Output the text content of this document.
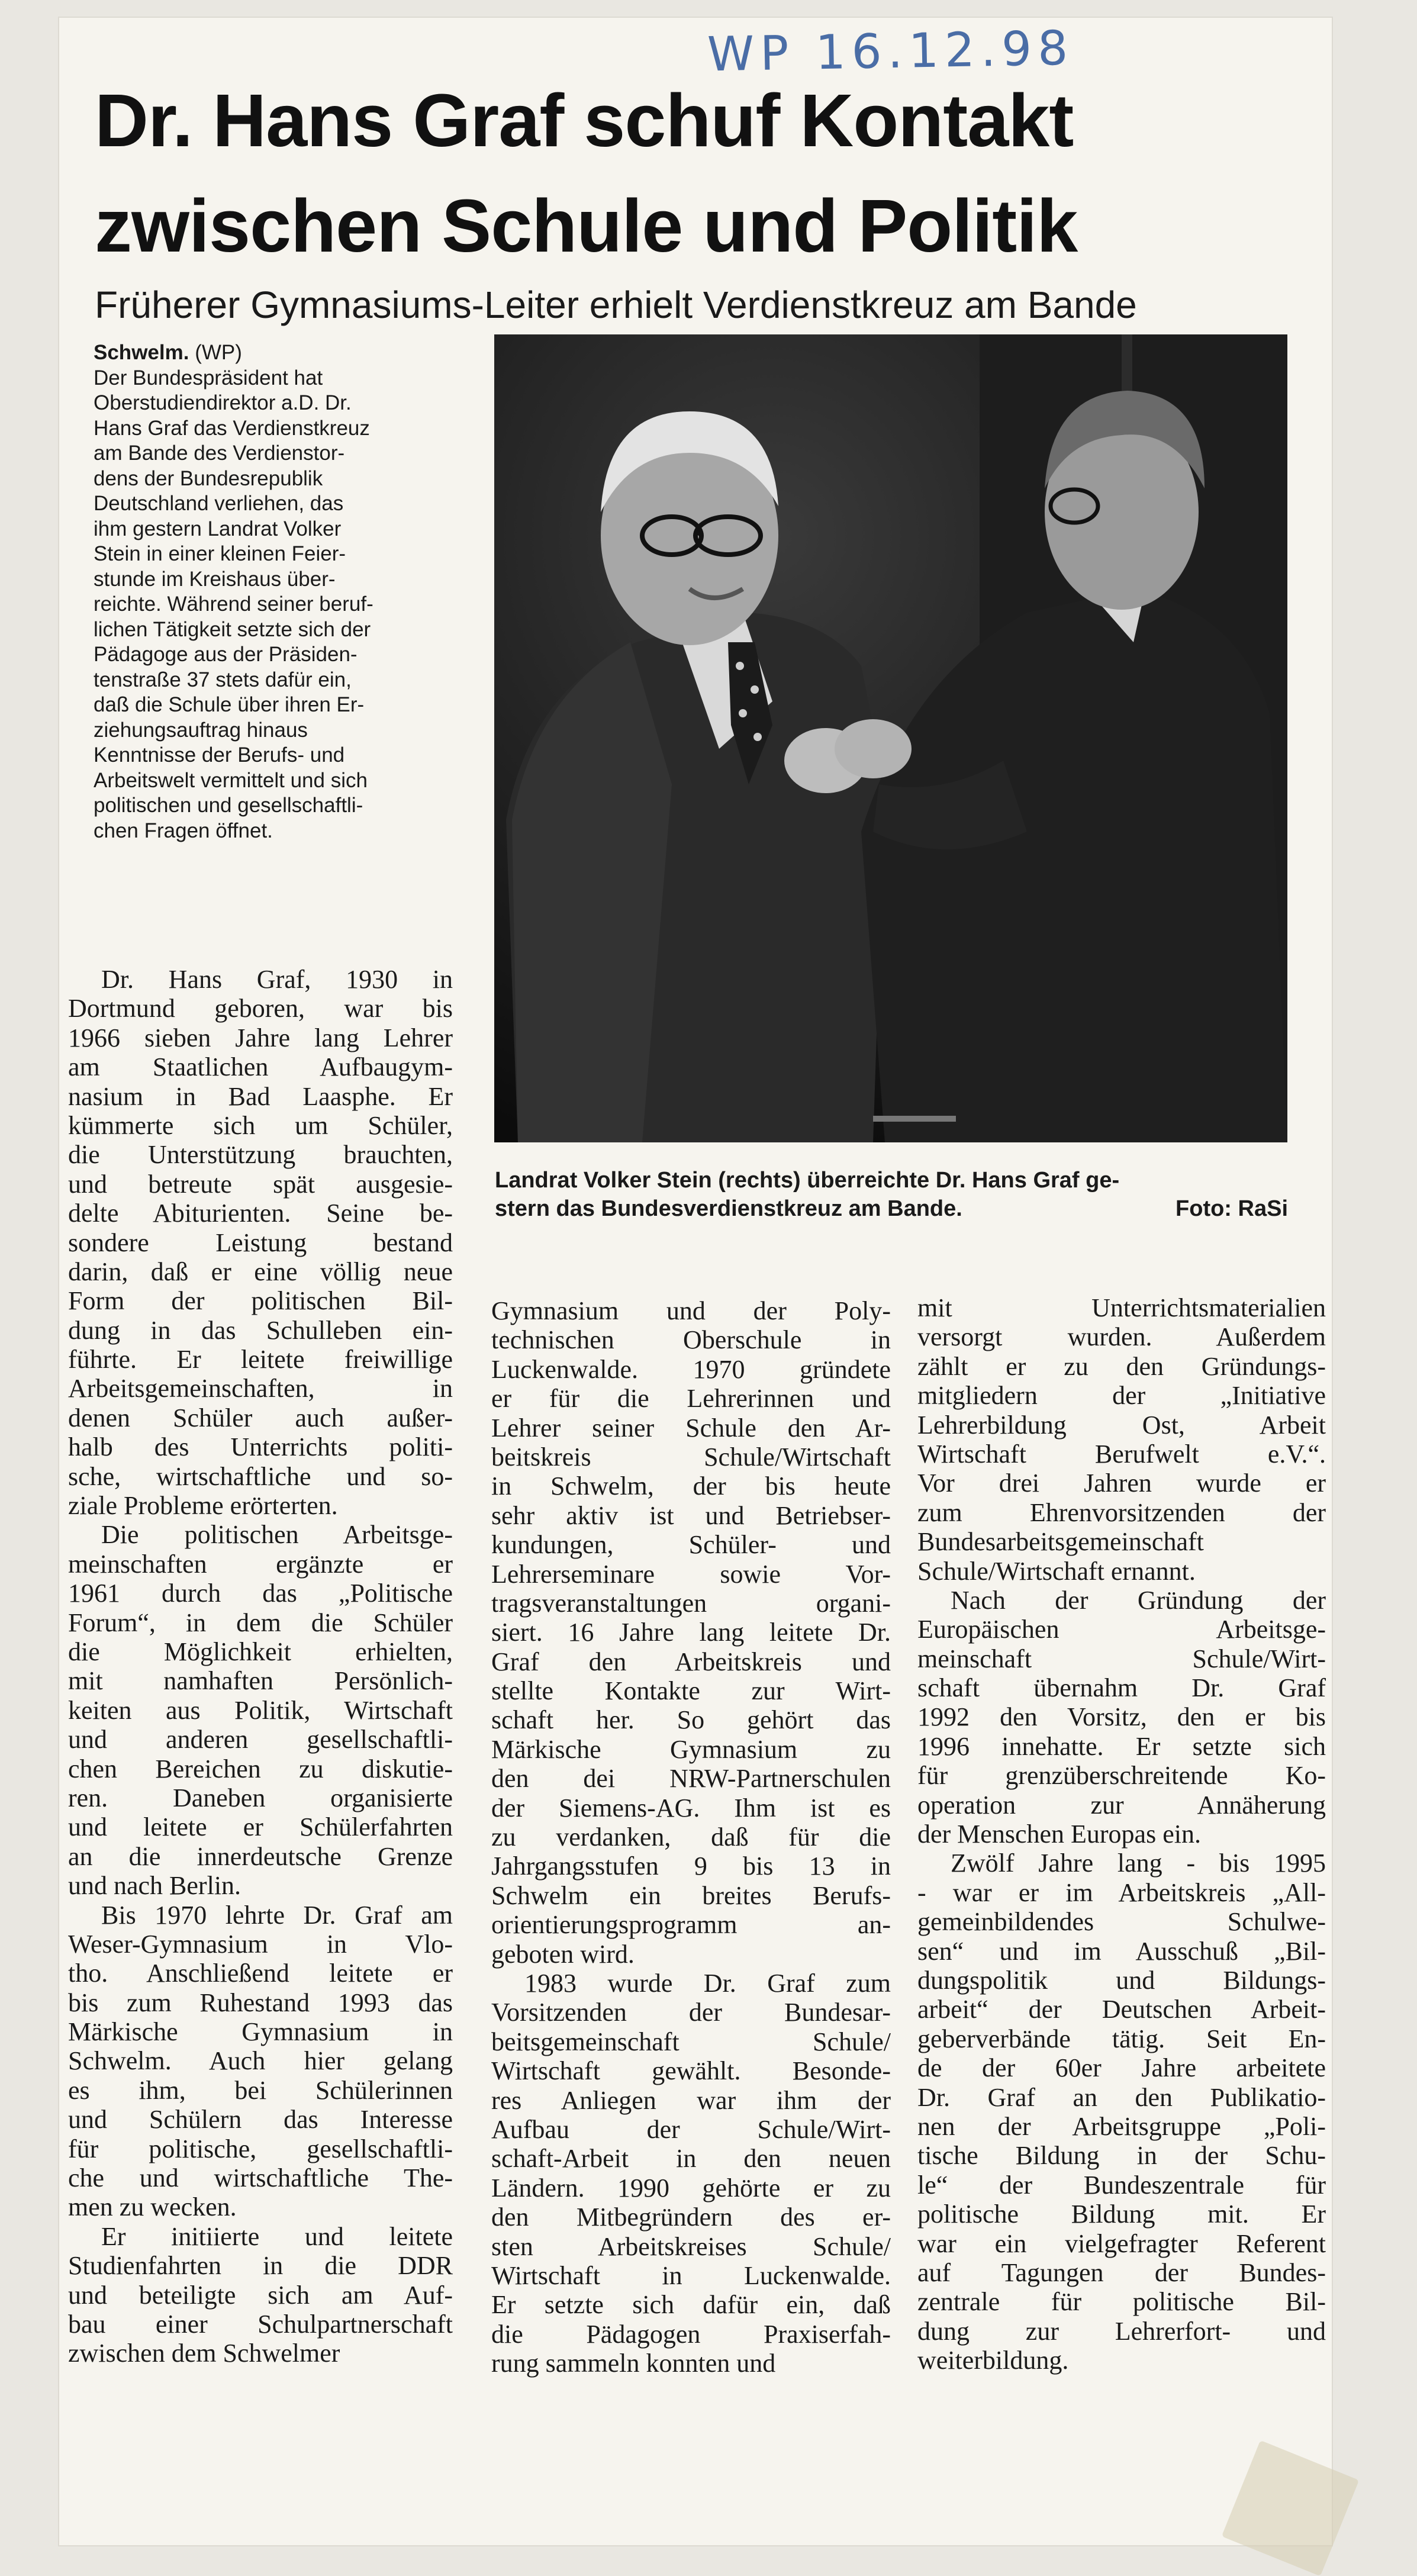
WP 16.12.98
Dr. Hans Graf schuf Kontakt
zwischen Schule und Politik
Früherer Gymnasiums-Leiter erhielt Verdienstkreuz am Bande
Schwelm. (WP)
Der Bundespräsident hat
Oberstudiendirektor a.D. Dr.
Hans Graf das Verdienstkreuz
am Bande des Verdienstor-
dens der Bundesrepublik
Deutschland verliehen, das
ihm gestern Landrat Volker
Stein in einer kleinen Feier-
stunde im Kreishaus über-
reichte. Während seiner beruf-
lichen Tätigkeit setzte sich der
Pädagoge aus der Präsiden-
tenstraße 37 stets dafür ein,
daß die Schule über ihren Er-
ziehungsauftrag hinaus
Kenntnisse der Berufs- und
Arbeitswelt vermittelt und sich
politischen und gesellschaftli-
chen Fragen öffnet.
Landrat Volker Stein (rechts) überreichte Dr. Hans Graf ge-
stern das Bundesverdienstkreuz am Bande.	Foto: RaSi
Dr. Hans Graf, 1930 in
Dortmund geboren, war bis
1966 sieben Jahre lang Lehrer
am Staatlichen Aufbaugym-
nasium in Bad Laasphe. Er
kümmerte sich um Schüler,
die Unterstützung brauchten,
und betreute spät ausgesie-
delte Abiturienten. Seine be-
sondere Leistung bestand
darin, daß er eine völlig neue
Form der politischen Bil-
dung in das Schulleben ein-
führte. Er leitete freiwillige
Arbeitsgemeinschaften, in
denen Schüler auch außer-
halb des Unterrichts politi-
sche, wirtschaftliche und so-
ziale Probleme erörterten.
Die politischen Arbeitsge-
meinschaften ergänzte er
1961 durch das „Politische
Forum“, in dem die Schüler
die Möglichkeit erhielten,
mit namhaften Persönlich-
keiten aus Politik, Wirtschaft
und anderen gesellschaftli-
chen Bereichen zu diskutie-
ren. Daneben organisierte
und leitete er Schülerfahrten
an die innerdeutsche Grenze
und nach Berlin.
Bis 1970 lehrte Dr. Graf am
Weser-Gymnasium in Vlo-
tho. Anschließend leitete er
bis zum Ruhestand 1993 das
Märkische Gymnasium in
Schwelm. Auch hier gelang
es ihm, bei Schülerinnen
und Schülern das Interesse
für politische, gesellschaftli-
che und wirtschaftliche The-
men zu wecken.
Er initiierte und leitete
Studienfahrten in die DDR
und beteiligte sich am Auf-
bau einer Schulpartnerschaft
zwischen dem Schwelmer
Gymnasium und der Poly-
technischen Oberschule in
Luckenwalde. 1970 gründete
er für die Lehrerinnen und
Lehrer seiner Schule den Ar-
beitskreis Schule/Wirtschaft
in Schwelm, der bis heute
sehr aktiv ist und Betriebser-
kundungen, Schüler- und
Lehrerseminare sowie Vor-
tragsveranstaltungen organi-
siert. 16 Jahre lang leitete Dr.
Graf den Arbeitskreis und
stellte Kontakte zur Wirt-
schaft her. So gehört das
Märkische Gymnasium zu
den dei NRW-Partnerschulen
der Siemens-AG. Ihm ist es
zu verdanken, daß für die
Jahrgangsstufen 9 bis 13 in
Schwelm ein breites Berufs-
orientierungsprogramm an-
geboten wird.
1983 wurde Dr. Graf zum
Vorsitzenden der Bundesar-
beitsgemeinschaft Schule/
Wirtschaft gewählt. Besonde-
res Anliegen war ihm der
Aufbau der Schule/Wirt-
schaft-Arbeit in den neuen
Ländern. 1990 gehörte er zu
den Mitbegründern des er-
sten Arbeitskreises Schule/
Wirtschaft in Luckenwalde.
Er setzte sich dafür ein, daß
die Pädagogen Praxiserfah-
rung sammeln konnten und
mit Unterrichtsmaterialien
versorgt wurden. Außerdem
zählt er zu den Gründungs-
mitgliedern der „Initiative
Lehrerbildung Ost, Arbeit
Wirtschaft Berufwelt e.V.“.
Vor drei Jahren wurde er
zum Ehrenvorsitzenden der
Bundesarbeitsgemeinschaft
Schule/Wirtschaft ernannt.
Nach der Gründung der
Europäischen Arbeitsge-
meinschaft Schule/Wirt-
schaft übernahm Dr. Graf
1992 den Vorsitz, den er bis
1996 innehatte. Er setzte sich
für grenzüberschreitende Ko-
operation zur Annäherung
der Menschen Europas ein.
Zwölf Jahre lang - bis 1995
- war er im Arbeitskreis „All-
gemeinbildendes Schulwe-
sen“ und im Ausschuß „Bil-
dungspolitik und Bildungs-
arbeit“ der Deutschen Arbeit-
geberverbände tätig. Seit En-
de der 60er Jahre arbeitete
Dr. Graf an den Publikatio-
nen der Arbeitsgruppe „Poli-
tische Bildung in der Schu-
le“ der Bundeszentrale für
politische Bildung mit. Er
war ein vielgefragter Referent
auf Tagungen der Bundes-
zentrale für politische Bil-
dung zur Lehrerfort- und
weiterbildung.
